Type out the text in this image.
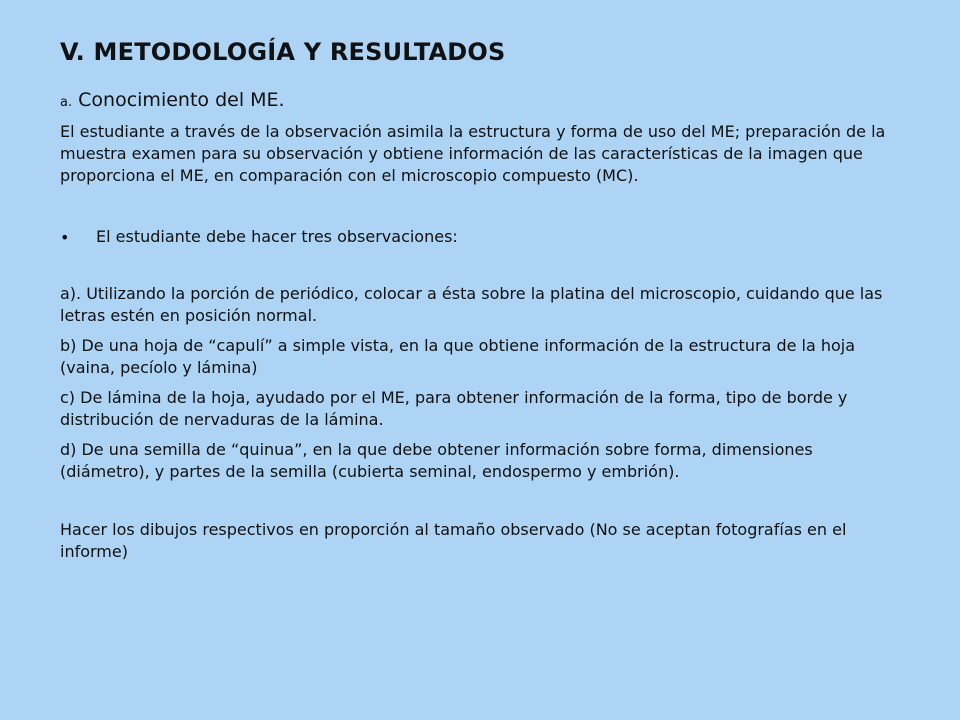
V. METODOLOGÍA Y RESULTADOS
a. Conocimiento del ME.

El estudiante a través de la observación asimila la estructura y forma de uso del ME; preparación de la muestra examen para su observación y obtiene información de las características de la imagen que proporciona el ME, en comparación con el microscopio compuesto (MC).

•	El estudiante debe hacer tres observaciones:

a). Utilizando la porción de periódico, colocar a ésta sobre la platina del microscopio, cuidando que las letras estén en posición normal.

b) De una hoja de “capulí” a simple vista, en la que obtiene información de la estructura de la hoja (vaina, pecíolo y lámina)

c) De lámina de la hoja, ayudado por el ME, para obtener información de la forma, tipo de borde y distribución de nervaduras de la lámina.

d) De una semilla de “quinua”, en la que debe obtener información sobre forma, dimensiones (diámetro), y partes de la semilla (cubierta seminal, endospermo y embrión).

Hacer los dibujos respectivos en proporción al tamaño observado (No se aceptan fotografías en el informe)
